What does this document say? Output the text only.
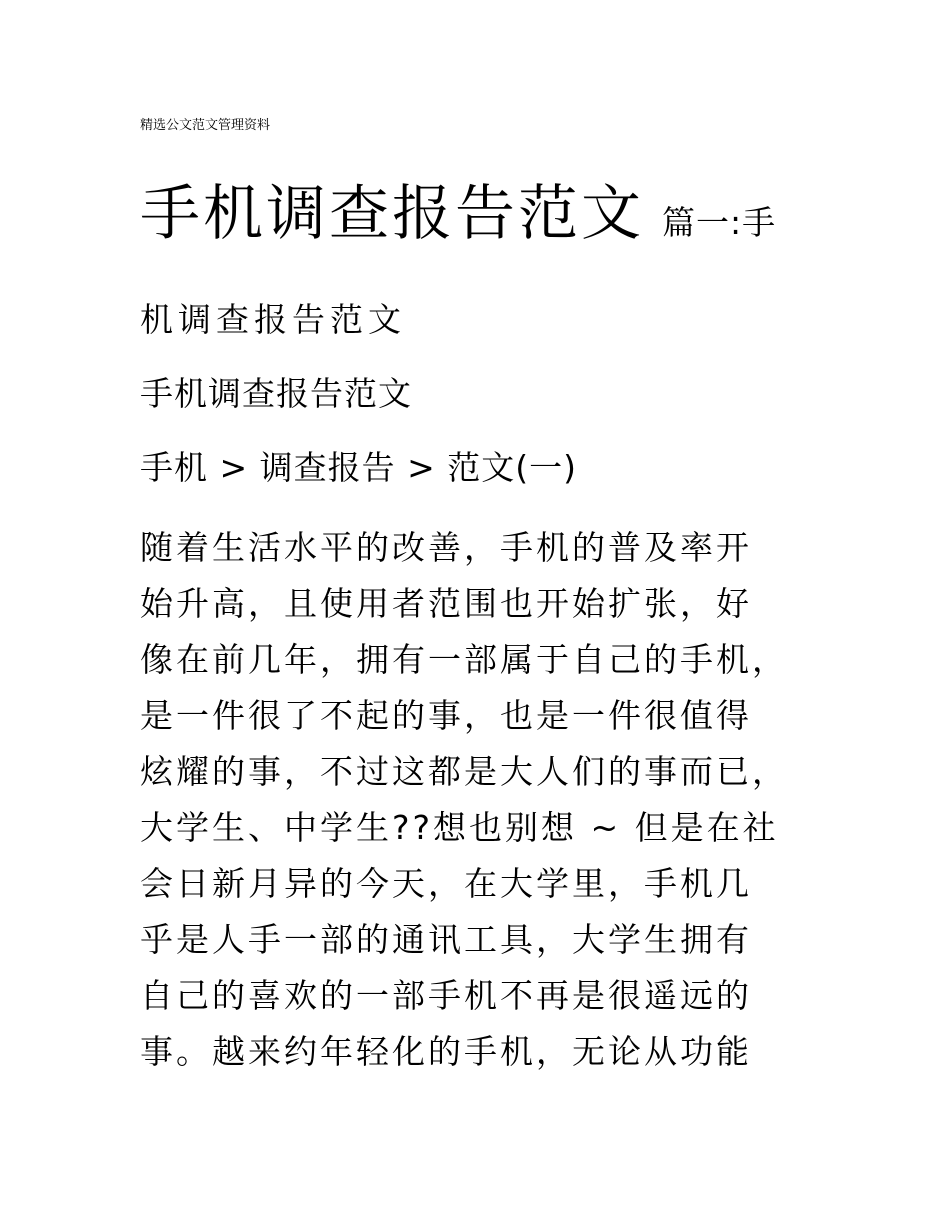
精选公文范文管理资料
手机调查报告范文 篇一:手
机调查报告范文
手机调查报告范文
手机 > 调查报告 > 范文(一)
随着生活水平的改善，手机的普及率开
始升高，且使用者范围也开始扩张，好
像在前几年，拥有一部属于自己的手机，
是一件很了不起的事，也是一件很值得
炫耀的事，不过这都是大人们的事而已，
大学生、中学生??想也别想 ~ 但是在社
会日新月异的今天，在大学里，手机几
乎是人手一部的通讯工具，大学生拥有
自己的喜欢的一部手机不再是很遥远的
事。越来约年轻化的手机，无论从功能
